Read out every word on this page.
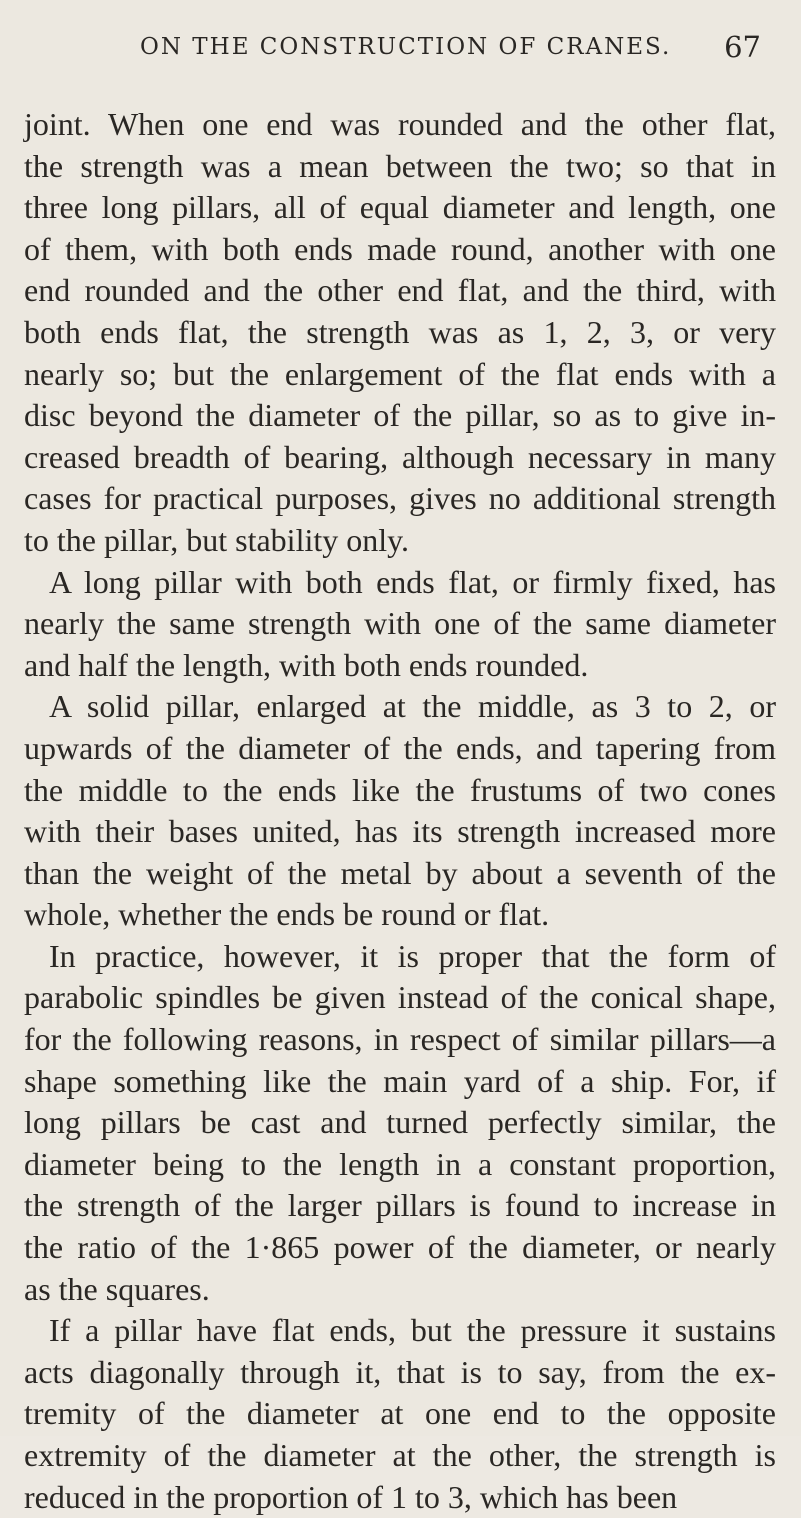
ON THE CONSTRUCTION OF CRANES. 67
joint. When one end was rounded and the other flat,
the strength was a mean between the two; so that in
three long pillars, all of equal diameter and length, one
of them, with both ends made round, another with one
end rounded and the other end flat, and the third, with
both ends flat, the strength was as 1, 2, 3, or very
nearly so; but the enlargement of the flat ends with a
disc beyond the diameter of the pillar, so as to give in-
creased breadth of bearing, although necessary in many
cases for practical purposes, gives no additional strength
to the pillar, but stability only.
A long pillar with both ends flat, or firmly fixed, has
nearly the same strength with one of the same diameter
and half the length, with both ends rounded.
A solid pillar, enlarged at the middle, as 3 to 2, or
upwards of the diameter of the ends, and tapering from
the middle to the ends like the frustums of two cones
with their bases united, has its strength increased more
than the weight of the metal by about a seventh of the
whole, whether the ends be round or flat.
In practice, however, it is proper that the form of
parabolic spindles be given instead of the conical shape,
for the following reasons, in respect of similar pillars—a
shape something like the main yard of a ship. For, if
long pillars be cast and turned perfectly similar, the
diameter being to the length in a constant proportion,
the strength of the larger pillars is found to increase in
the ratio of the 1·865 power of the diameter, or nearly
as the squares.
If a pillar have flat ends, but the pressure it sustains
acts diagonally through it, that is to say, from the ex-
tremity of the diameter at one end to the opposite
extremity of the diameter at the other, the strength is
reduced in the proportion of 1 to 3, which has been
